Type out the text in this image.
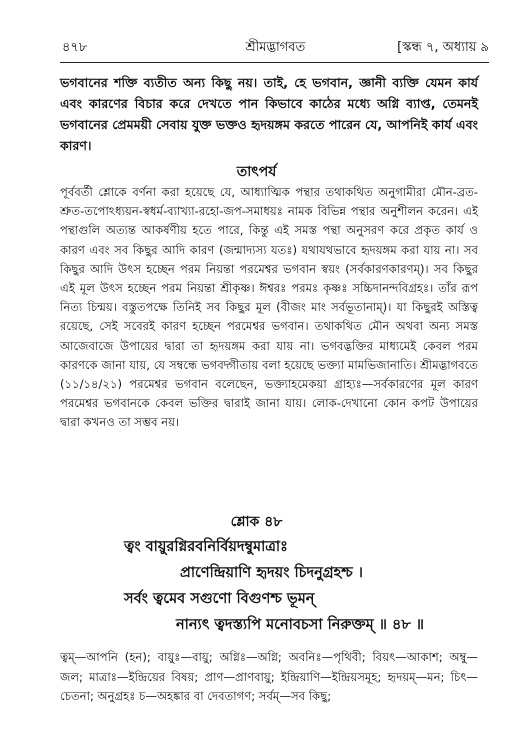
৪৭৮	শ্রীমদ্ভাগবত	[স্কন্ধ ৭, অধ্যায় ৯
ভগবানের শক্তি ব্যতীত অন্য কিছু নয়। তাই, হে ভগবান, জ্ঞানী ব্যক্তি যেমন কার্য এবং কারণের বিচার করে দেখতে পান কিভাবে কাঠের মধ্যে অগ্নি ব্যাপ্ত, তেমনই ভগবানের প্রেমময়ী সেবায় যুক্ত ভক্তও হৃদয়ঙ্গম করতে পারেন যে, আপনিই কার্য এবং কারণ।
তাৎপর্য
পূর্ববর্তী শ্লোকে বর্ণনা করা হয়েছে যে, আধ্যাত্মিক পন্থার তথাকথিত অনুগামীরা মৌন-ব্রত-শ্রুত-তপোঽধ্যয়ন-স্বধর্ম-ব্যাখ্যা-রহো-জপ-সমাধয়ঃ নামক বিভিন্ন পন্থার অনুশীলন করেন। এই পন্থাগুলি অত্যন্ত আকর্ষণীয় হতে পারে, কিন্তু এই সমস্ত পন্থা অনুসরণ করে প্রকৃত কার্য ও কারণ এবং সব কিছুর আদি কারণ (জন্মাদ্যস্য যতঃ) যথাযথভাবে হৃদয়ঙ্গম করা যায় না। সব কিছুর আদি উৎস হচ্ছেন পরম নিয়ন্তা পরমেশ্বর ভগবান স্বয়ং (সর্বকারণকারণম্)। সব কিছুর এই মূল উৎস হচ্ছেন পরম নিয়ন্তা শ্রীকৃষ্ণ। ঈশ্বরঃ পরমঃ কৃষ্ণঃ সচ্চিদানন্দবিগ্রহঃ। তাঁর রূপ নিত্য চিন্ময়। বস্তুতপক্ষে তিনিই সব কিছুর মূল (বীজং মাং সর্বভূতানাম্)। যা কিছুরই অস্তিত্ব রয়েছে, সেই সবেরই কারণ হচ্ছেন পরমেশ্বর ভগবান। তথাকথিত মৌন অথবা অন্য সমস্ত আজেবাজে উপায়ের দ্বারা তা হৃদয়ঙ্গম করা যায় না। ভগবদ্ভক্তির মাধ্যমেই কেবল পরম কারণকে জানা যায়, যে সম্বন্ধে ভগবদ্গীতায় বলা হয়েছে ভক্ত্যা মামভিজানাতি। শ্রীমদ্ভাগবতে (১১/১৪/২১) পরমেশ্বর ভগবান বলেছেন, ভক্ত্যাহমেকয়া গ্রাহ্যঃ—সর্বকারণের মূল কারণ পরমেশ্বর ভগবানকে কেবল ভক্তির দ্বারাই জানা যায়। লোক-দেখানো কোন কপট উপায়ের দ্বারা কখনও তা সম্ভব নয়।
শ্লোক ৪৮
ত্বং বায়ুরগ্নিরবনির্বিয়দম্বুমাত্রাঃ
প্রাণেন্দ্রিয়াণি হৃদয়ং চিদনুগ্রহশ্চ ।
সর্বং ত্বমেব সগুণো বিগুণশ্চ ভূমন্
নান্যৎ ত্বদস্ত্যপি মনোবচসা নিরুক্তম্ ॥ ৪৮ ॥
ত্বম্—আপনি (হন); বায়ুঃ—বায়ু; অগ্নিঃ—অগ্নি; অবনিঃ—পৃথিবী; বিয়ৎ—আকাশ; অম্বু—জল; মাত্রাঃ—ইন্দ্রিয়ের বিষয়; প্রাণ—প্রাণবায়ু; ইন্দ্রিয়াণি—ইন্দ্রিয়সমূহ; হৃদয়ম্—মন; চিৎ—চেতনা; অনুগ্রহঃ চ—অহঙ্কার বা দেবতাগণ; সর্বম্—সব কিছু;
